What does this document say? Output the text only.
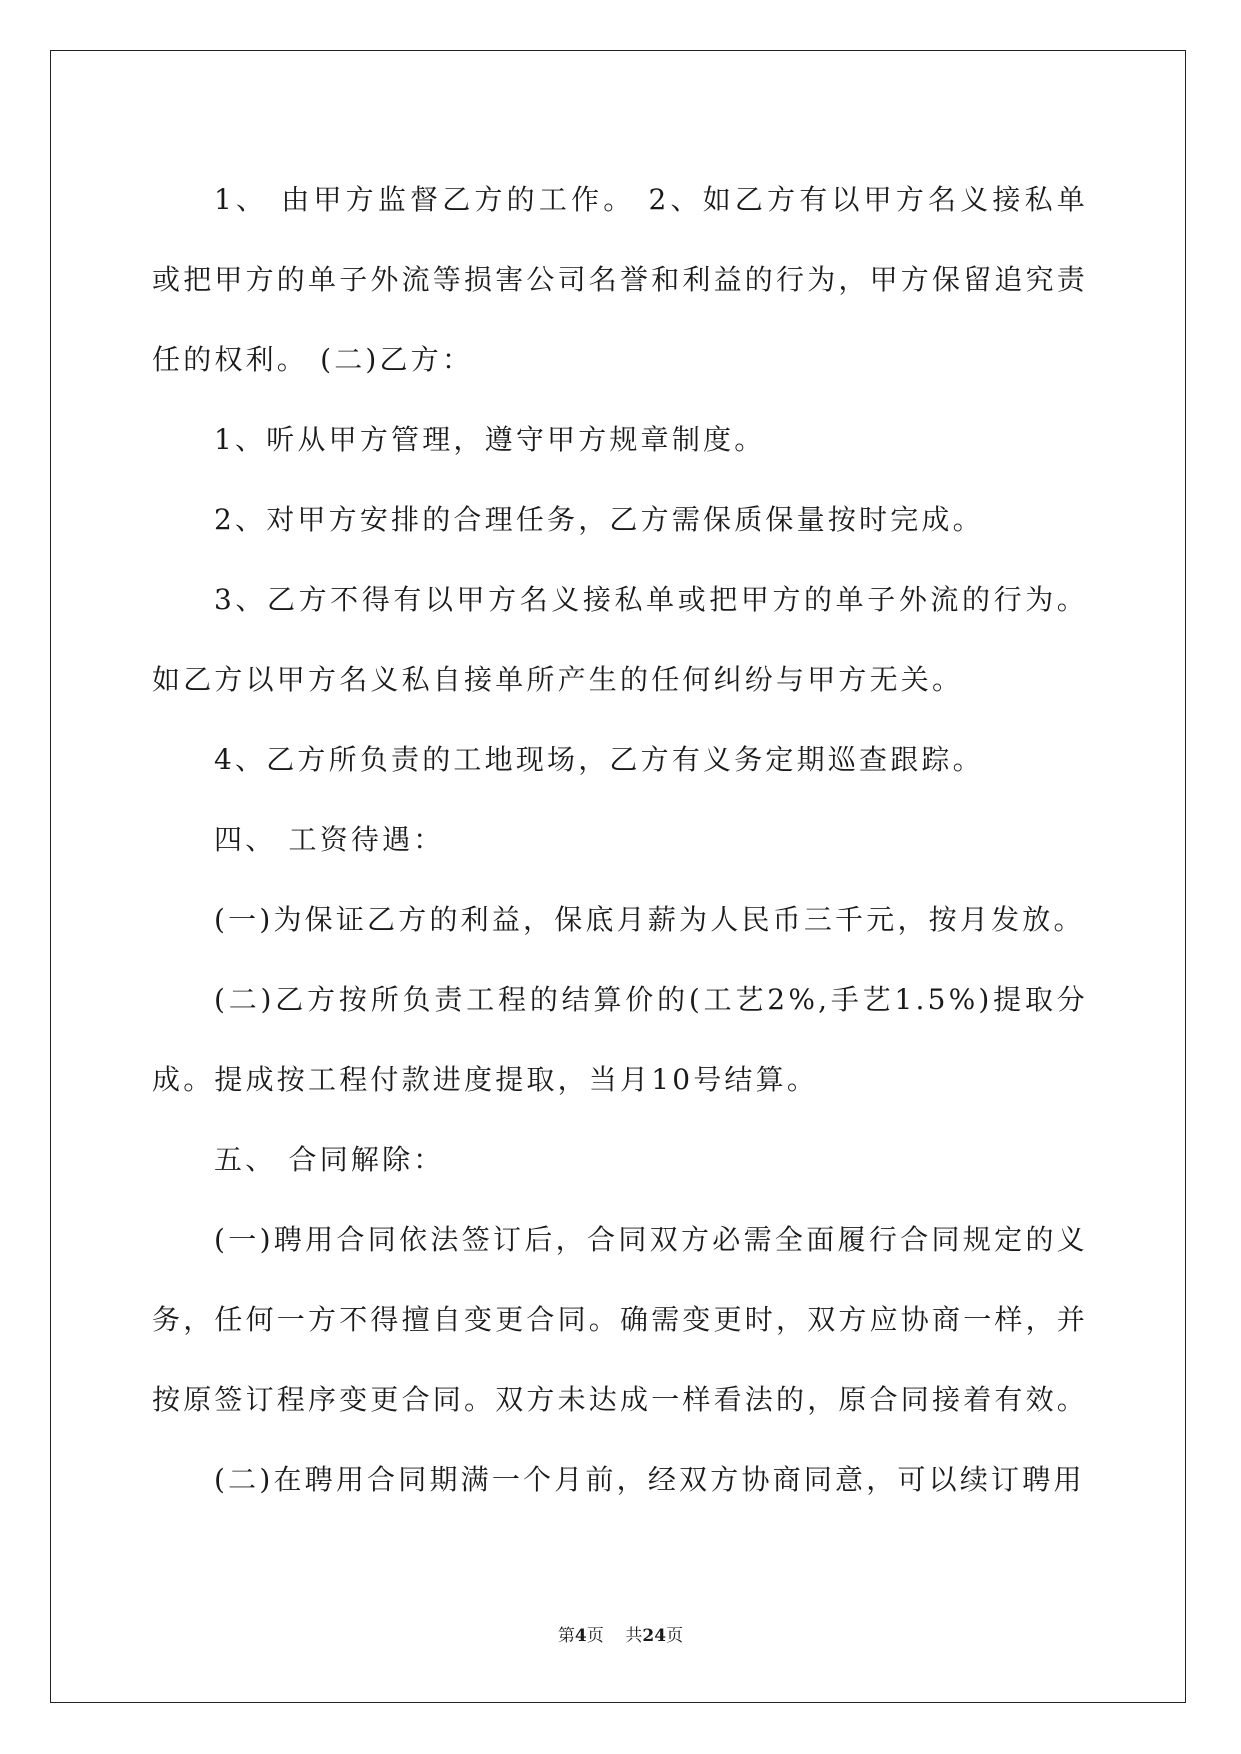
1、 由甲方监督乙方的工作。 2、如乙方有以甲方名义接私单或把甲方的单子外流等损害公司名誉和利益的行为，甲方保留追究责任的权利。 (二)乙方：

1、听从甲方管理，遵守甲方规章制度。

2、对甲方安排的合理任务，乙方需保质保量按时完成。

3、乙方不得有以甲方名义接私单或把甲方的单子外流的行为。如乙方以甲方名义私自接单所产生的任何纠纷与甲方无关。

4、乙方所负责的工地现场，乙方有义务定期巡查跟踪。

四、 工资待遇：

(一)为保证乙方的利益，保底月薪为人民币三千元，按月发放。

(二)乙方按所负责工程的结算价的(工艺2%,手艺1.5%)提取分成。提成按工程付款进度提取，当月10号结算。

五、 合同解除：

(一)聘用合同依法签订后，合同双方必需全面履行合同规定的义务，任何一方不得擅自变更合同。确需变更时，双方应协商一样，并按原签订程序变更合同。双方未达成一样看法的，原合同接着有效。

(二)在聘用合同期满一个月前，经双方协商同意，可以续订聘用

第4页 共24页
